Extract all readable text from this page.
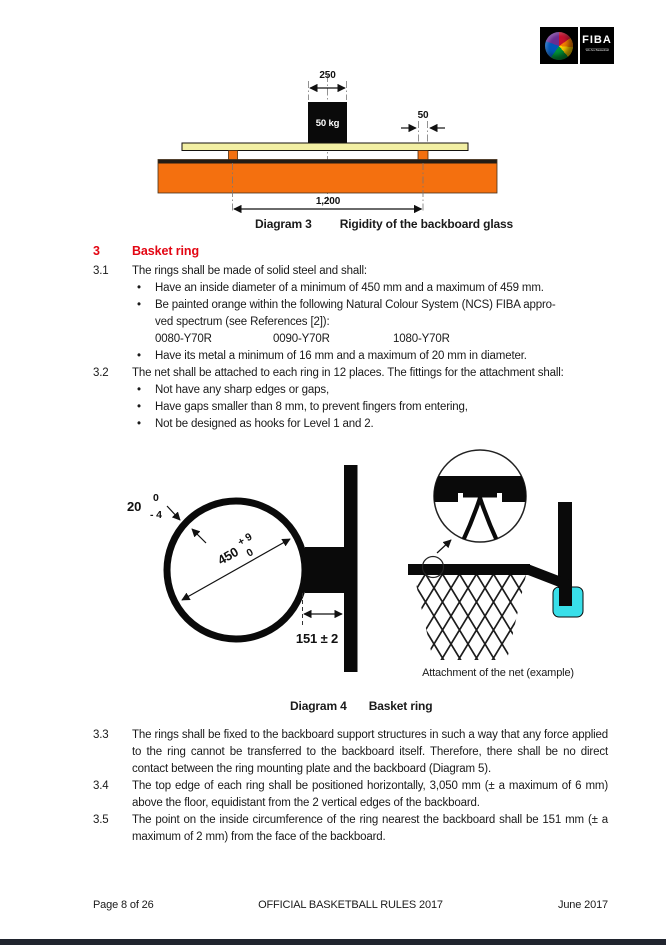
FIBA
We Are Basketball
250
50 kg
50
1,200
Diagram 3 Rigidity of the backboard glass
3	Basket ring
3.1	The rings shall be made of solid steel and shall:
• Have an inside diameter of a minimum of 450 mm and a maximum of 459 mm.
• Be painted orange within the following Natural Colour System (NCS) FIBA appro-
ved spectrum (see References [2]):
0080-Y70R	0090-Y70R	1080-Y70R
• Have its metal a minimum of 16 mm and a maximum of 20 mm in diameter.
3.2	The net shall be attached to each ring in 12 places. The fittings for the attachment shall:
• Not have any sharp edges or gaps,
• Have gaps smaller than 8 mm, to prevent fingers from entering,
• Not be designed as hooks for Level 1 and 2.
450
+ 9
0
20
0
- 4
151 ± 2
Attachment of the net (example)
Diagram 4 Basket ring
3.3	The rings shall be fixed to the backboard support structures in such a way that any force applied to the ring cannot be transferred to the backboard itself. Therefore, there shall be no direct contact between the ring mounting plate and the backboard (Diagram 5).
3.4	The top edge of each ring shall be positioned horizontally, 3,050 mm (± a maximum of 6 mm) above the floor, equidistant from the 2 vertical edges of the backboard.
3.5	The point on the inside circumference of the ring nearest the backboard shall be 151 mm (± a maximum of 2 mm) from the face of the backboard.
Page 8 of 26	OFFICIAL BASKETBALL RULES 2017	June 2017
